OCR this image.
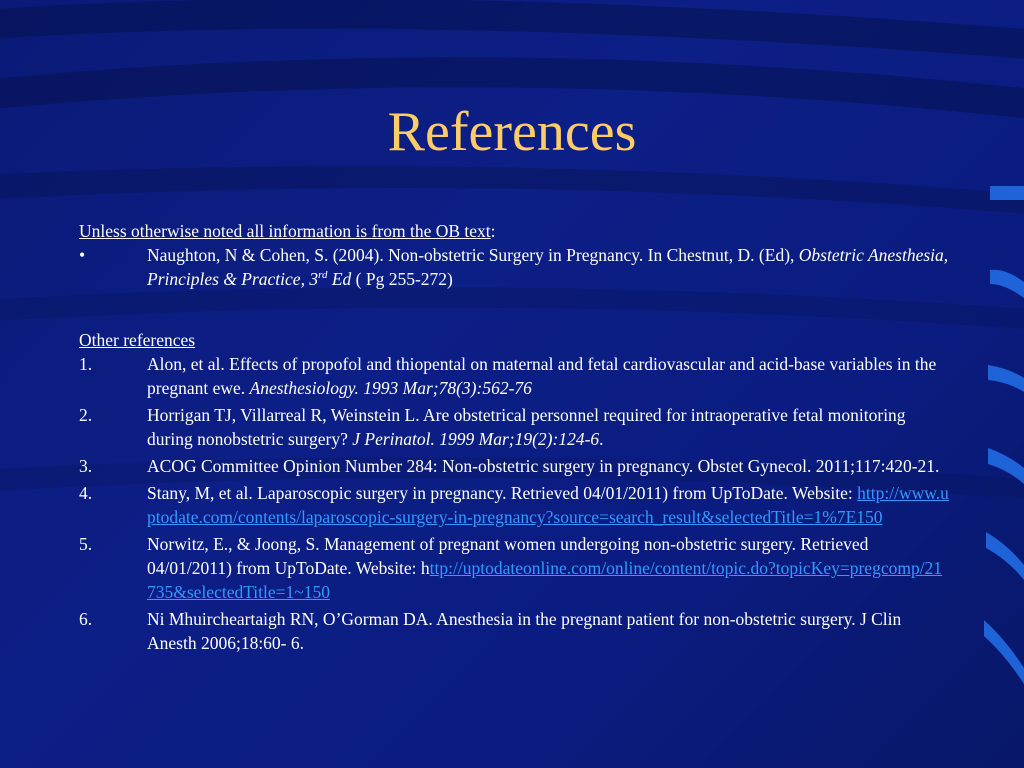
References
Unless otherwise noted all information is from the OB text:
•	Naughton, N & Cohen, S. (2004). Non-obstetric Surgery in Pregnancy. In Chestnut, D. (Ed), Obstetric Anesthesia, Principles & Practice, 3rd Ed ( Pg 255-272)
Other references
1.	Alon, et al. Effects of propofol and thiopental on maternal and fetal cardiovascular and acid-base variables in the pregnant ewe. Anesthesiology. 1993 Mar;78(3):562-76
2.	Horrigan TJ, Villarreal R, Weinstein L. Are obstetrical personnel required for intraoperative fetal monitoring during nonobstetric surgery? J Perinatol. 1999 Mar;19(2):124-6.
3.	ACOG Committee Opinion Number 284: Non-obstetric surgery in pregnancy. Obstet Gynecol. 2011;117:420-21.
4.	Stany, M, et al. Laparoscopic surgery in pregnancy. Retrieved 04/01/2011) from UpToDate. Website: http://www.uptodate.com/contents/laparoscopic-surgery-in-pregnancy?source=search_result&selectedTitle=1%7E150
5.	Norwitz, E., & Joong, S. Management of pregnant women undergoing non-obstetric surgery. Retrieved 04/01/2011) from UpToDate. Website: http://uptodateonline.com/online/content/topic.do?topicKey=pregcomp/21735&selectedTitle=1~150
6.	Ni Mhuircheartaigh RN, O’Gorman DA. Anesthesia in the pregnant patient for non-obstetric surgery. J Clin Anesth 2006;18:60- 6.
